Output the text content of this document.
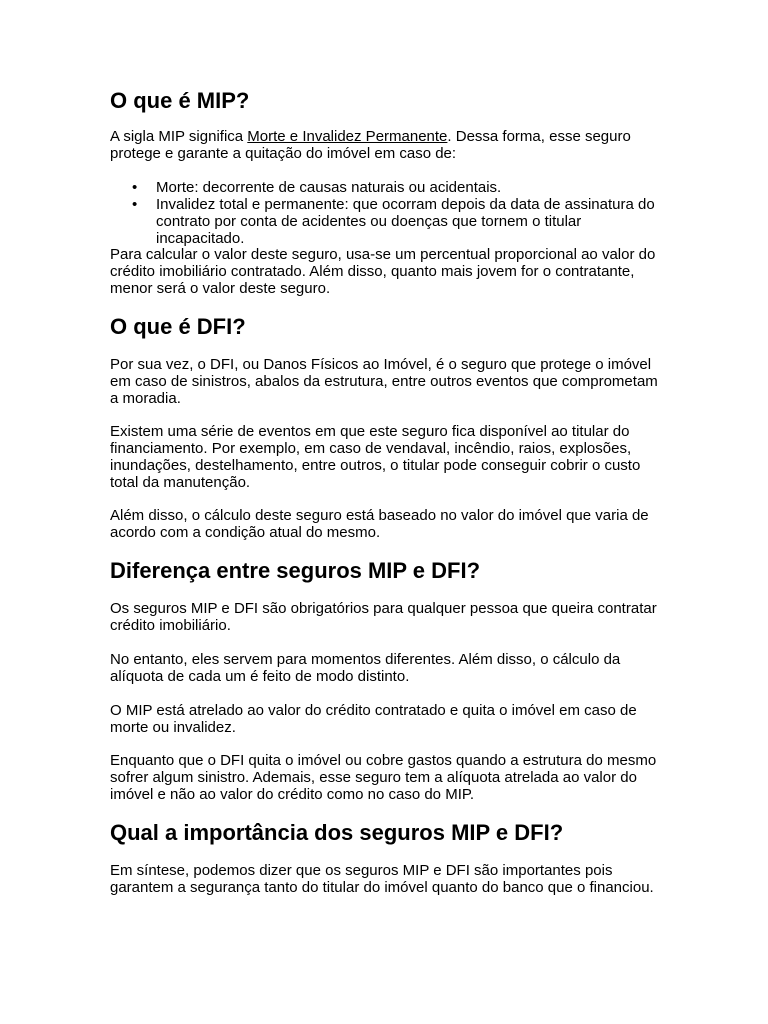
O que é MIP?

A sigla MIP significa Morte e Invalidez Permanente. Dessa forma, esse seguro protege e garante a quitação do imóvel em caso de:

• Morte: decorrente de causas naturais ou acidentais.
• Invalidez total e permanente: que ocorram depois da data de assinatura do contrato por conta de acidentes ou doenças que tornem o titular incapacitado.

Para calcular o valor deste seguro, usa-se um percentual proporcional ao valor do crédito imobiliário contratado. Além disso, quanto mais jovem for o contratante, menor será o valor deste seguro.

O que é DFI?

Por sua vez, o DFI, ou Danos Físicos ao Imóvel, é o seguro que protege o imóvel em caso de sinistros, abalos da estrutura, entre outros eventos que comprometam a moradia.

Existem uma série de eventos em que este seguro fica disponível ao titular do financiamento. Por exemplo, em caso de vendaval, incêndio, raios, explosões, inundações, destelhamento, entre outros, o titular pode conseguir cobrir o custo total da manutenção.

Além disso, o cálculo deste seguro está baseado no valor do imóvel que varia de acordo com a condição atual do mesmo.

Diferença entre seguros MIP e DFI?

Os seguros MIP e DFI são obrigatórios para qualquer pessoa que queira contratar crédito imobiliário.

No entanto, eles servem para momentos diferentes. Além disso, o cálculo da alíquota de cada um é feito de modo distinto.

O MIP está atrelado ao valor do crédito contratado e quita o imóvel em caso de morte ou invalidez.

Enquanto que o DFI quita o imóvel ou cobre gastos quando a estrutura do mesmo sofrer algum sinistro. Ademais, esse seguro tem a alíquota atrelada ao valor do imóvel e não ao valor do crédito como no caso do MIP.

Qual a importância dos seguros MIP e DFI?

Em síntese, podemos dizer que os seguros MIP e DFI são importantes pois garantem a segurança tanto do titular do imóvel quanto do banco que o financiou.
